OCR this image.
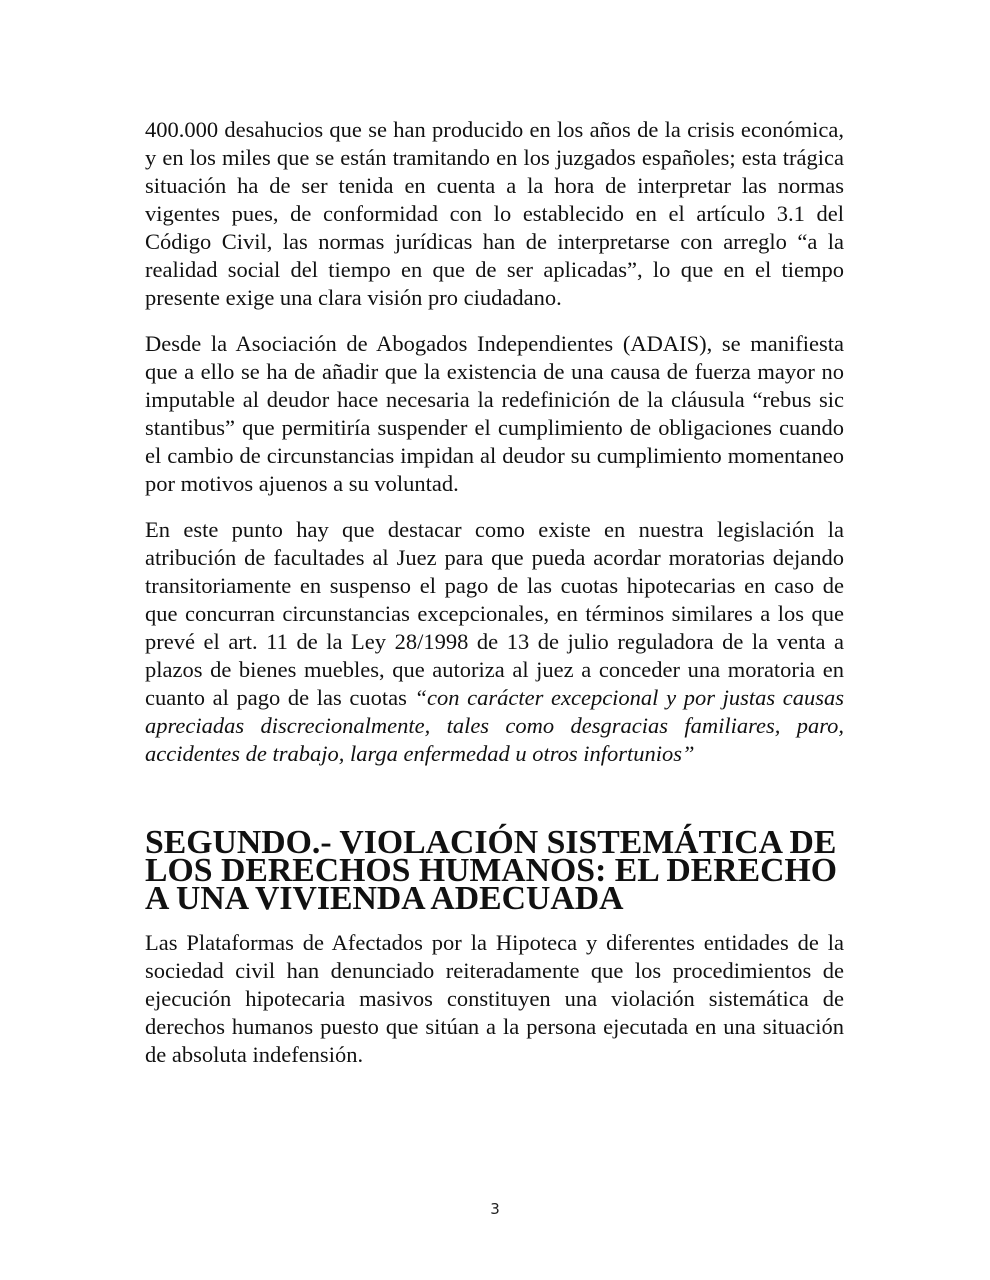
400.000 desahucios que se han producido en los años de la crisis económica, y en los miles que se están tramitando en los juzgados españoles; esta trágica situación ha de ser tenida en cuenta a la hora de interpretar las normas vigentes pues, de conformidad con lo establecido en el artículo 3.1 del Código Civil, las normas jurídicas han de interpretarse con arreglo “a la realidad social del tiempo en que de ser aplicadas”, lo que en el tiempo presente exige una clara visión pro ciudadano.

Desde la Asociación de Abogados Independientes (ADAIS), se manifiesta que a ello se ha de añadir que la existencia de una causa de fuerza mayor no imputable al deudor hace necesaria la redefinición de la cláusula “rebus sic stantibus” que permitiría suspender el cumplimiento de obligaciones cuando el cambio de circunstancias impidan al deudor su cumplimiento momentaneo por motivos ajuenos a su voluntad.

En este punto hay que destacar como existe en nuestra legislación la atribución de facultades al Juez para que pueda acordar moratorias dejando transitoriamente en suspenso el pago de las cuotas hipotecarias en caso de que concurran circunstancias excepcionales, en términos similares a los que prevé el art. 11 de la Ley 28/1998 de 13 de julio reguladora de la venta a plazos de bienes muebles, que autoriza al juez a conceder una moratoria en cuanto al pago de las cuotas “con carácter excepcional y por justas causas apreciadas discrecionalmente, tales como desgracias familiares, paro, accidentes de trabajo, larga enfermedad u otros infortunios”

SEGUNDO.- VIOLACIÓN SISTEMÁTICA DE LOS DERECHOS HUMANOS: EL DERECHO A UNA VIVIENDA ADECUADA

Las Plataformas de Afectados por la Hipoteca y diferentes entidades de la sociedad civil han denunciado reiteradamente que los procedimientos de ejecución hipotecaria masivos constituyen una violación sistemática de derechos humanos puesto que sitúan a la persona ejecutada en una situación de absoluta indefensión.

3
